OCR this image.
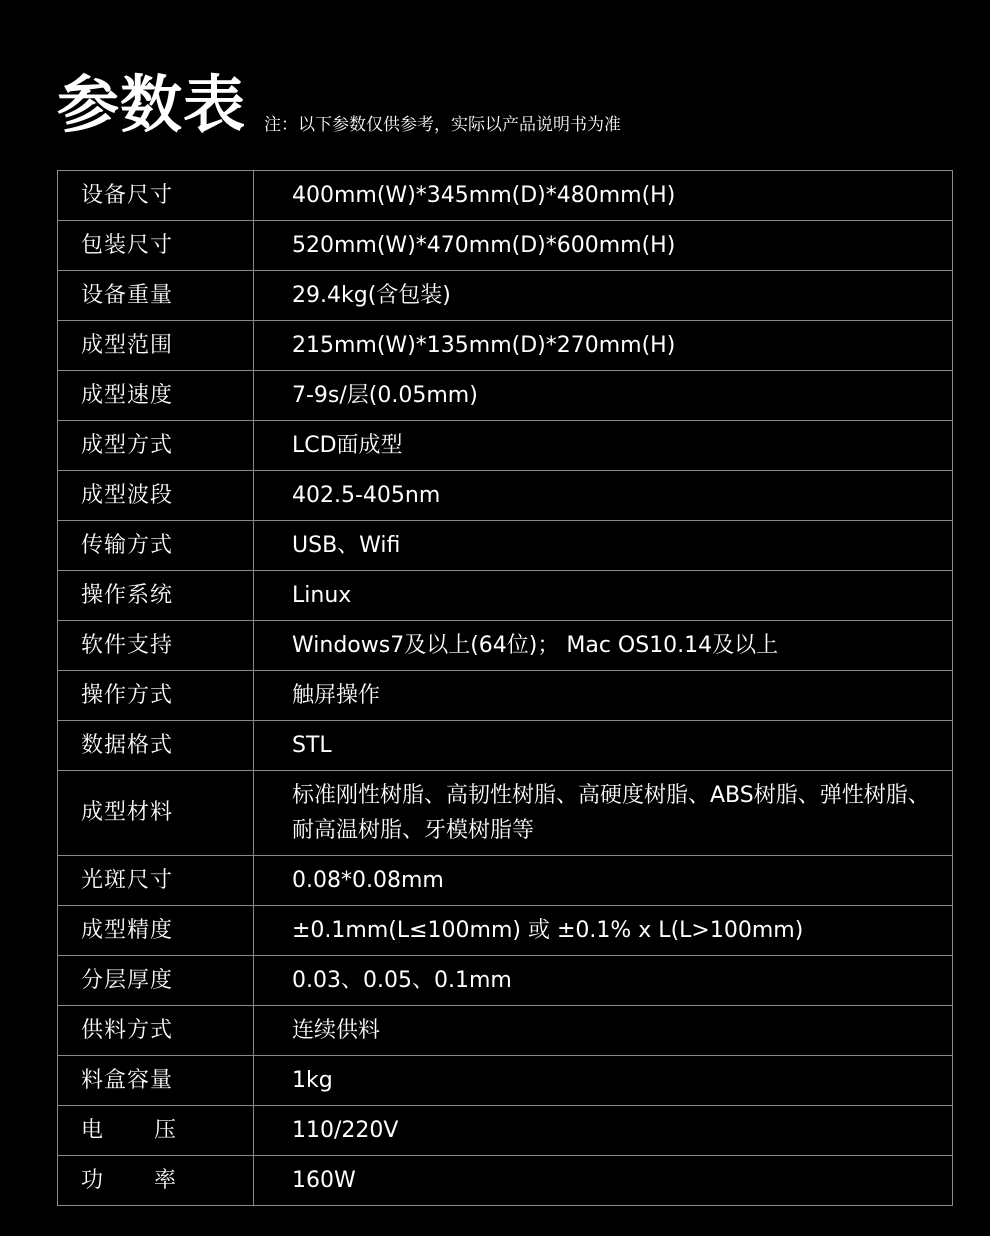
参数表 注：以下参数仅供参考，实际以产品说明书为准
设备尺寸	400mm(W)*345mm(D)*480mm(H)
包装尺寸	520mm(W)*470mm(D)*600mm(H)
设备重量	29.4kg(含包装)
成型范围	215mm(W)*135mm(D)*270mm(H)
成型速度	7-9s/层(0.05mm)
成型方式	LCD面成型
成型波段	402.5-405nm
传输方式	USB、Wifi
操作系统	Linux
软件支持	Windows7及以上(64位)； Mac OS10.14及以上
操作方式	触屏操作
数据格式	STL
成型材料	标准刚性树脂、高韧性树脂、高硬度树脂、ABS树脂、弹性树脂、耐高温树脂、牙模树脂等
光斑尺寸	0.08*0.08mm
成型精度	±0.1mm(L≤100mm) 或 ±0.1% x L(L>100mm)
分层厚度	0.03、0.05、0.1mm
供料方式	连续供料
料盒容量	1kg

电 压	110/220V

功 率	160W
